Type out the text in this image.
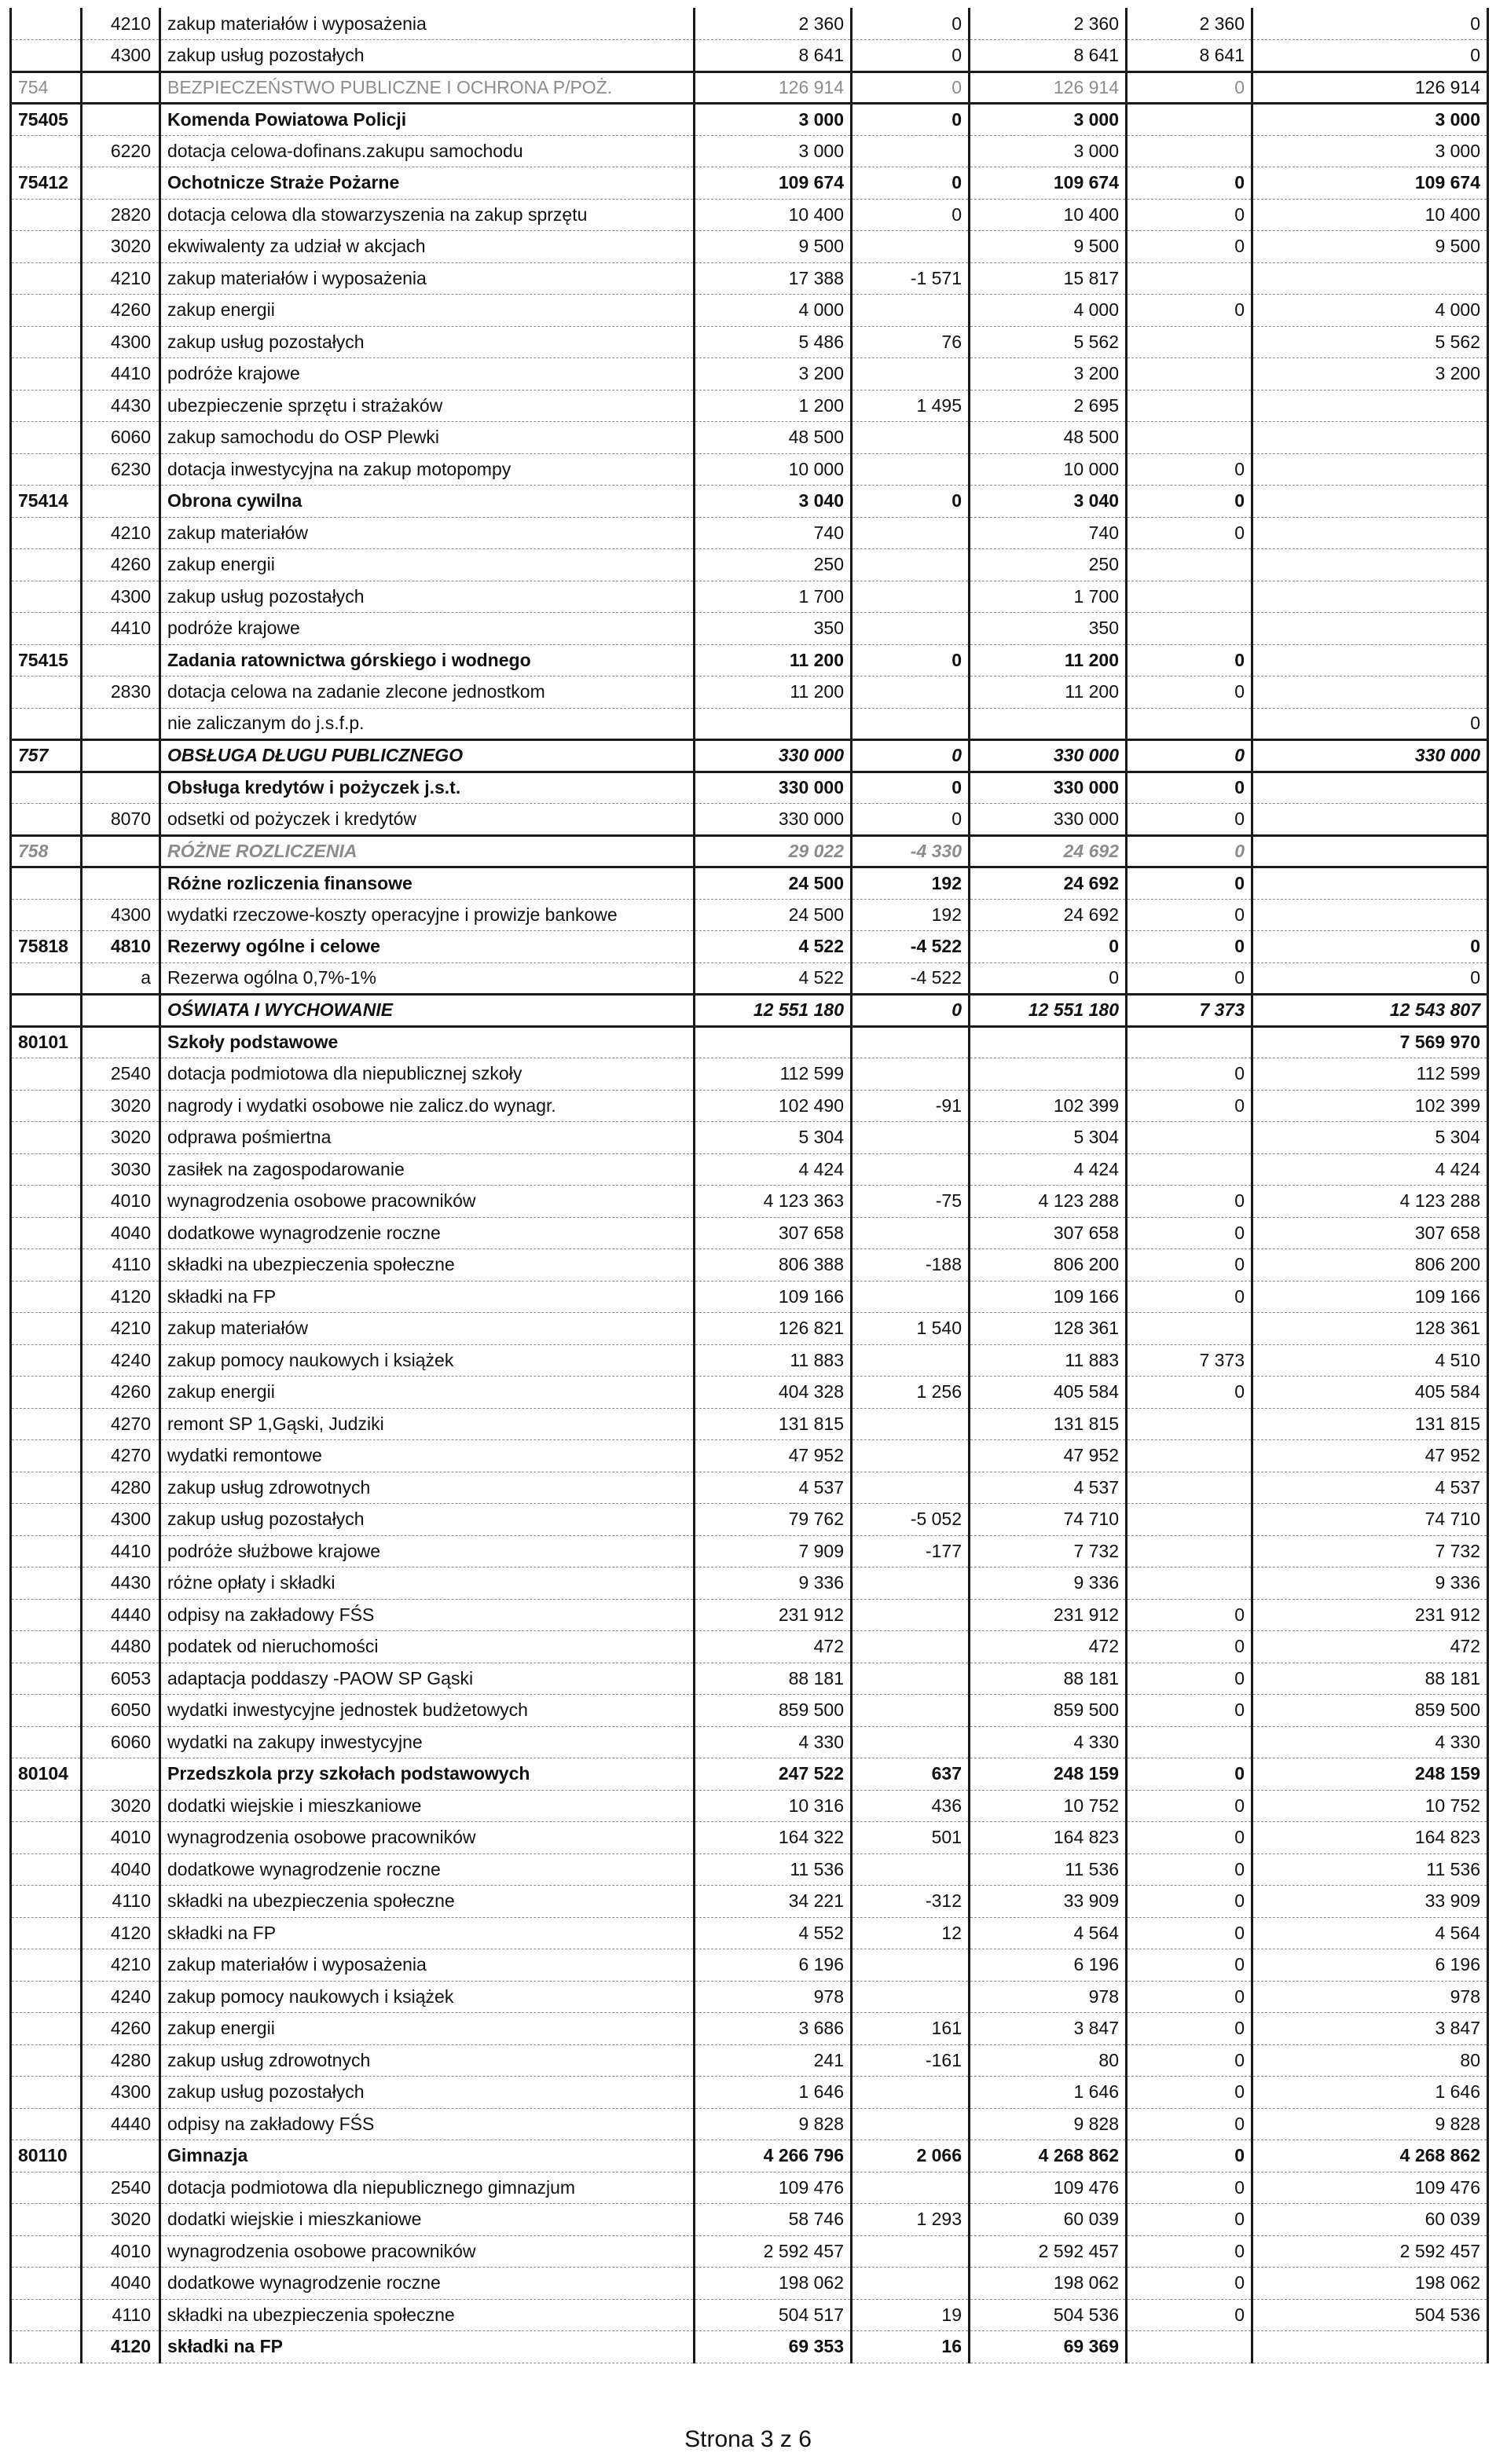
	4210	zakup materiałów i wyposażenia	2 360	0	2 360	2 360	0
	4300	zakup usług pozostałych	8 641	0	8 641	8 641	0
754		BEZPIECZEŃSTWO PUBLICZNE I OCHRONA P/POŻ.	126 914	0	126 914	0	126 914
75405		Komenda Powiatowa Policji	3 000	0	3 000		3 000
	6220	dotacja celowa-dofinans.zakupu samochodu	3 000		3 000		3 000
75412		Ochotnicze Straże Pożarne	109 674	0	109 674	0	109 674
	2820	dotacja celowa dla stowarzyszenia na zakup sprzętu	10 400	0	10 400	0	10 400
	3020	ekwiwalenty za udział w akcjach	9 500		9 500	0	9 500
	4210	zakup materiałów i wyposażenia	17 388	-1 571	15 817		
	4260	zakup energii	4 000		4 000	0	4 000
	4300	zakup usług pozostałych	5 486	76	5 562		5 562
	4410	podróże krajowe	3 200		3 200		3 200
	4430	ubezpieczenie sprzętu i strażaków	1 200	1 495	2 695		
	6060	zakup samochodu do OSP Plewki	48 500		48 500		
	6230	dotacja inwestycyjna na zakup motopompy	10 000		10 000	0	
75414		Obrona cywilna	3 040	0	3 040	0	
	4210	zakup materiałów	740		740	0	
	4260	zakup energii	250		250		
	4300	zakup usług pozostałych	1 700		1 700		
	4410	podróże krajowe	350		350		
75415		Zadania ratownictwa górskiego i wodnego	11 200	0	11 200	0	
	2830	dotacja celowa na zadanie zlecone jednostkom	11 200		11 200	0	
		nie zaliczanym do j.s.f.p.					0
757		OBSŁUGA DŁUGU PUBLICZNEGO	330 000	0	330 000	0	330 000
		Obsługa kredytów i pożyczek j.s.t.	330 000	0	330 000	0	
	8070	odsetki od pożyczek i kredytów	330 000	0	330 000	0	
758		RÓŻNE ROZLICZENIA	29 022	-4 330	24 692	0	
		Różne rozliczenia finansowe	24 500	192	24 692	0	
	4300	wydatki rzeczowe-koszty operacyjne i prowizje bankowe	24 500	192	24 692	0	
75818	4810	Rezerwy ogólne i celowe	4 522	-4 522	0	0	0
	a	Rezerwa ogólna 0,7%-1%	4 522	-4 522	0	0	0
		OŚWIATA I WYCHOWANIE	12 551 180	0	12 551 180	7 373	12 543 807
80101		Szkoły podstawowe					7 569 970
	2540	dotacja podmiotowa dla niepublicznej szkoły	112 599			0	112 599
	3020	nagrody i wydatki osobowe nie zalicz.do wynagr.	102 490	-91	102 399	0	102 399
	3020	odprawa pośmiertna	5 304		5 304		5 304
	3030	zasiłek na zagospodarowanie	4 424		4 424		4 424
	4010	wynagrodzenia osobowe pracowników	4 123 363	-75	4 123 288	0	4 123 288
	4040	dodatkowe wynagrodzenie roczne	307 658		307 658	0	307 658
	4110	składki na ubezpieczenia społeczne	806 388	-188	806 200	0	806 200
	4120	składki na FP	109 166		109 166	0	109 166
	4210	zakup materiałów	126 821	1 540	128 361		128 361
	4240	zakup pomocy naukowych i książek	11 883		11 883	7 373	4 510
	4260	zakup energii	404 328	1 256	405 584	0	405 584
	4270	remont SP 1,Gąski, Judziki	131 815		131 815		131 815
	4270	wydatki remontowe	47 952		47 952		47 952
	4280	zakup usług zdrowotnych	4 537		4 537		4 537
	4300	zakup usług pozostałych	79 762	-5 052	74 710		74 710
	4410	podróże służbowe krajowe	7 909	-177	7 732		7 732
	4430	różne opłaty i składki	9 336		9 336		9 336
	4440	odpisy na zakładowy FŚS	231 912		231 912	0	231 912
	4480	podatek od nieruchomości	472		472	0	472
	6053	adaptacja poddaszy -PAOW SP Gąski	88 181		88 181	0	88 181
	6050	wydatki inwestycyjne jednostek budżetowych	859 500		859 500	0	859 500
	6060	wydatki na zakupy inwestycyjne	4 330		4 330		4 330
80104		Przedszkola przy szkołach podstawowych	247 522	637	248 159	0	248 159
	3020	dodatki wiejskie i mieszkaniowe	10 316	436	10 752	0	10 752
	4010	wynagrodzenia osobowe pracowników	164 322	501	164 823	0	164 823
	4040	dodatkowe wynagrodzenie roczne	11 536		11 536	0	11 536
	4110	składki na ubezpieczenia społeczne	34 221	-312	33 909	0	33 909
	4120	składki na FP	4 552	12	4 564	0	4 564
	4210	zakup materiałów i wyposażenia	6 196		6 196	0	6 196
	4240	zakup pomocy naukowych i książek	978		978	0	978
	4260	zakup energii	3 686	161	3 847	0	3 847
	4280	zakup usług zdrowotnych	241	-161	80	0	80
	4300	zakup usług pozostałych	1 646		1 646	0	1 646
	4440	odpisy na zakładowy FŚS	9 828		9 828	0	9 828
80110		Gimnazja	4 266 796	2 066	4 268 862	0	4 268 862
	2540	dotacja podmiotowa dla niepublicznego gimnazjum	109 476		109 476	0	109 476
	3020	dodatki wiejskie i mieszkaniowe	58 746	1 293	60 039	0	60 039
	4010	wynagrodzenia osobowe pracowników	2 592 457		2 592 457	0	2 592 457
	4040	dodatkowe wynagrodzenie roczne	198 062		198 062	0	198 062
	4110	składki na ubezpieczenia społeczne	504 517	19	504 536	0	504 536
	4120	składki na FP	69 353	16	69 369		
Strona 3 z 6
